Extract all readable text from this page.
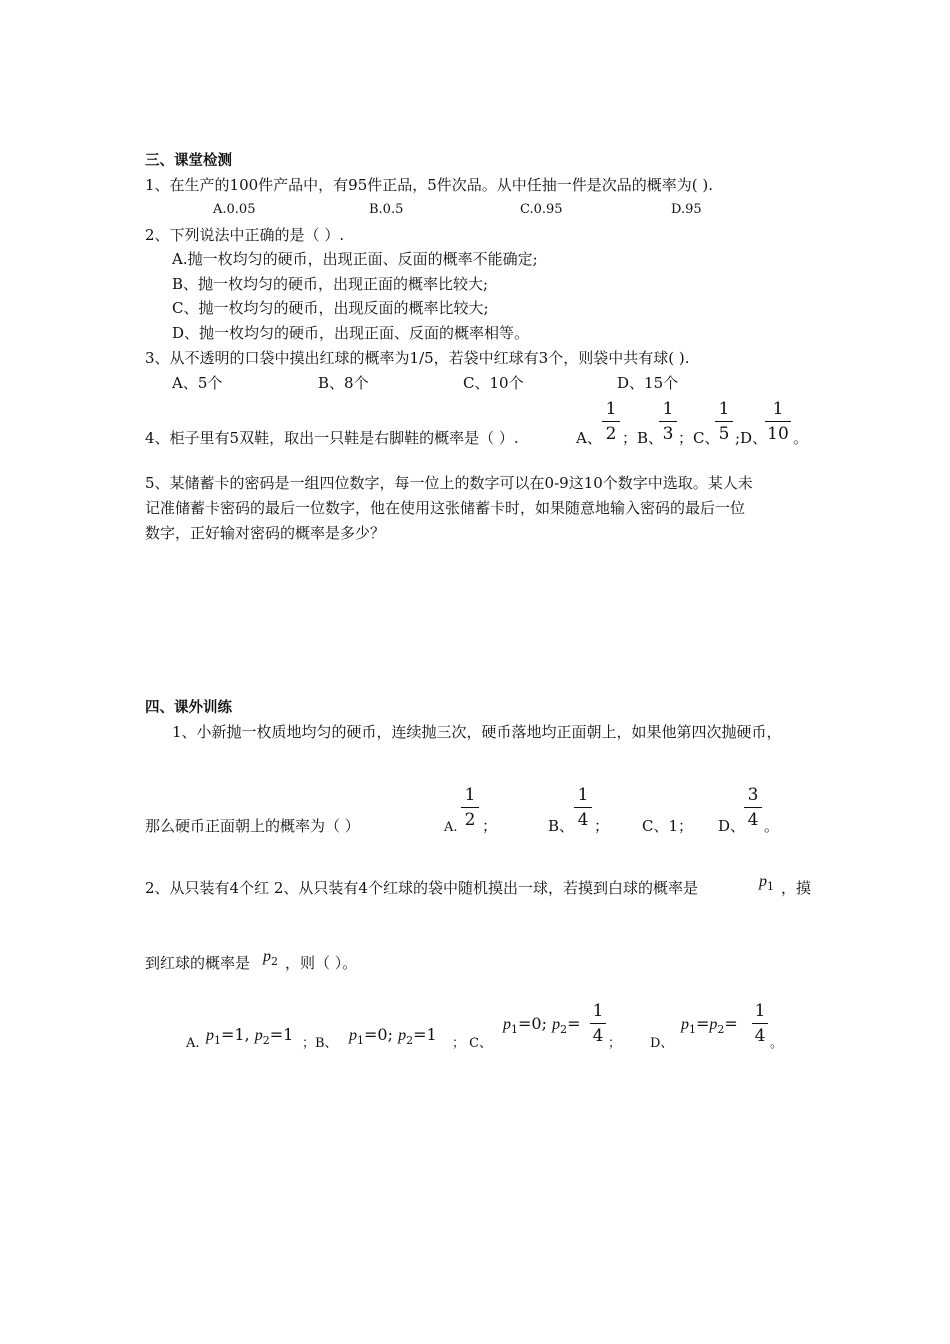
三、课堂检测
1、在生产的100件产品中，有95件正品，5件次品。从中任抽一件是次品的概率为( ).
A.0.05	B.0.5	C.0.95	D.95
2、下列说法中正确的是（ ）.
A.抛一枚均匀的硬币，出现正面、反面的概率不能确定;
B、抛一枚均匀的硬币，出现正面的概率比较大;
C、抛一枚均匀的硬币，出现反面的概率比较大;
D、抛一枚均匀的硬币，出现正面、反面的概率相等。
3、从不透明的口袋中摸出红球的概率为1/5，若袋中红球有3个，则袋中共有球( ).
A、5个	B、8个	C、10个	D、15个
4、柜子里有5双鞋，取出一只鞋是右脚鞋的概率是（ ）.	A、
1
2 ；B、
1
3 ；C、
1
5 ;D、
1
10 。
5、某储蓄卡的密码是一组四位数字，每一位上的数字可以在0-9这10个数字中选取。某人未
记准储蓄卡密码的最后一位数字，他在使用这张储蓄卡时，如果随意地输入密码的最后一位
数字，正好输对密码的概率是多少？
四、课外训练
1、小新抛一枚质地均匀的硬币，连续抛三次，硬币落地均正面朝上，如果他第四次抛硬币，
那么硬币正面朝上的概率为（ ）	A.
1
2 ；	B、
1
4 ； C、1； D、
3
4 。
2、从只装有4个红 2、从只装有4个红球的袋中随机摸出一球，若摸到白球的概率是	$p_1$ ，摸
到红球的概率是 $p_2$ ，则（ ）。
A. $p_1=1$, $p_2=1$ ；B、 $p_1=0$; $p_2=1$ ； C、
$p_1=0$; $p_2=$
1
4 ； D、
$p_1=p_2=$
1
4 。
